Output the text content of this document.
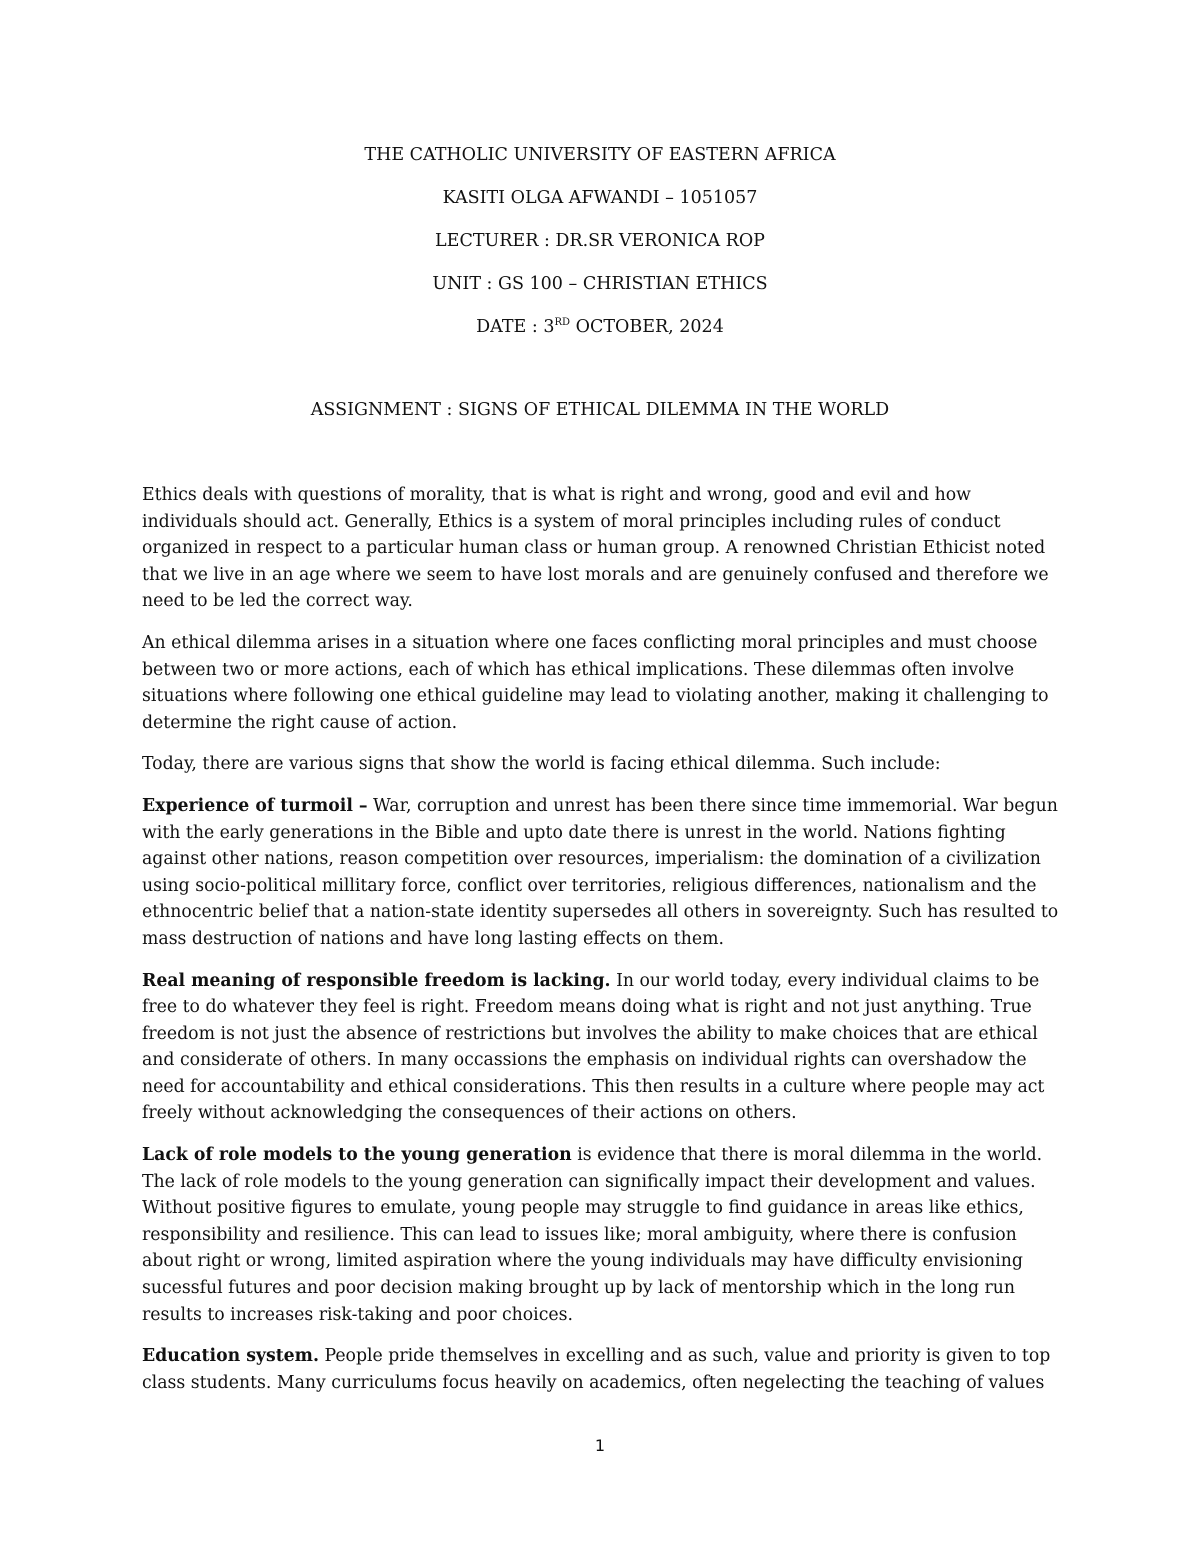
THE CATHOLIC UNIVERSITY OF EASTERN AFRICA
KASITI OLGA AFWANDI – 1051057
LECTURER : DR.SR VERONICA ROP
UNIT : GS 100 – CHRISTIAN ETHICS
DATE : 3RD OCTOBER, 2024
ASSIGNMENT : SIGNS OF ETHICAL DILEMMA IN THE WORLD

Ethics deals with questions of morality, that is what is right and wrong, good and evil and how individuals should act. Generally, Ethics is a system of moral principles including rules of conduct organized in respect to a particular human class or human group. A renowned Christian Ethicist noted that we live in an age where we seem to have lost morals and are genuinely confused and therefore we need to be led the correct way.

An ethical dilemma arises in a situation where one faces conflicting moral principles and must choose between two or more actions, each of which has ethical implications. These dilemmas often involve situations where following one ethical guideline may lead to violating another, making it challenging to determine the right cause of action.

Today, there are various signs that show the world is facing ethical dilemma. Such include:

Experience of turmoil – War, corruption and unrest has been there since time immemorial. War begun with the early generations in the Bible and upto date there is unrest in the world. Nations fighting against other nations, reason competition over resources, imperialism: the domination of a civilization using socio-political millitary force, conflict over territories, religious differences, nationalism and the ethnocentric belief that a nation-state identity supersedes all others in sovereignty. Such has resulted to mass destruction of nations and have long lasting effects on them.

Real meaning of responsible freedom is lacking. In our world today, every individual claims to be free to do whatever they feel is right. Freedom means doing what is right and not just anything. True freedom is not just the absence of restrictions but involves the ability to make choices that are ethical and considerate of others. In many occassions the emphasis on individual rights can overshadow the need for accountability and ethical considerations. This then results in a culture where people may act freely without acknowledging the consequences of their actions on others.

Lack of role models to the young generation is evidence that there is moral dilemma in the world. The lack of role models to the young generation can significally impact their development and values. Without positive figures to emulate, young people may struggle to find guidance in areas like ethics, responsibility and resilience. This can lead to issues like; moral ambiguity, where there is confusion about right or wrong, limited aspiration where the young individuals may have difficulty envisioning sucessful futures and poor decision making brought up by lack of mentorship which in the long run results to increases risk-taking and poor choices.

Education system. People pride themselves in excelling and as such, value and priority is given to top class students. Many curriculums focus heavily on academics, often negelecting the teaching of values

1
